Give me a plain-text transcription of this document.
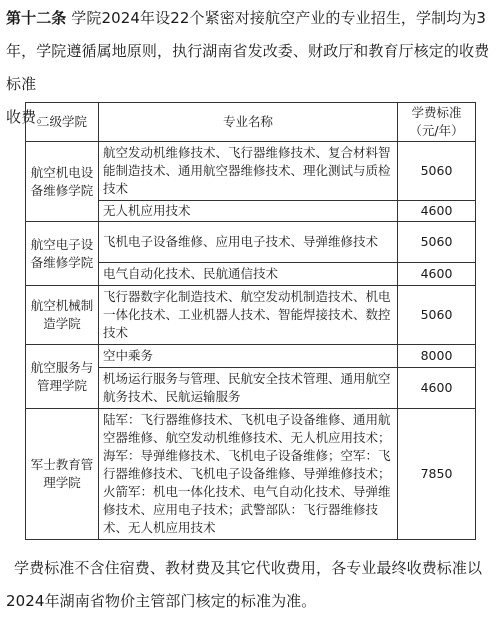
第十二条 学院2024年设22个紧密对接航空产业的专业招生，学制均为3
年，学院遵循属地原则，执行湖南省发改委、财政厅和教育厅核定的收费标准
收费。
二级学院	专业名称	学费标准
（元/年）
航空机电设备维修学院	航空发动机维修技术、飞行器维修技术、复合材料智能制造技术、通用航空器维修技术、理化测试与质检技术	5060
	无人机应用技术	4600
航空电子设备维修学院	飞机电子设备维修、应用电子技术、导弹维修技术	5060
	电气自动化技术、民航通信技术	4600
航空机械制造学院	飞行器数字化制造技术、航空发动机制造技术、机电一体化技术、工业机器人技术、智能焊接技术、数控技术	5060
航空服务与管理学院	空中乘务	8000
	机场运行服务与管理、民航安全技术管理、通用航空航务技术、民航运输服务	4600
军士教育管理学院	陆军：飞行器维修技术、飞机电子设备维修、通用航空器维修、航空发动机维修技术、无人机应用技术；海军：导弹维修技术、飞机电子设备维修；空军：飞行器维修技术、飞机电子设备维修、导弹维修技术；火箭军：机电一体化技术、电气自动化技术、导弹维修技术、应用电子技术；武警部队：飞行器维修技术、无人机应用技术	7850
学费标准不含住宿费、教材费及其它代收费用，各专业最终收费标准以
2024年湖南省物价主管部门核定的标准为准。
